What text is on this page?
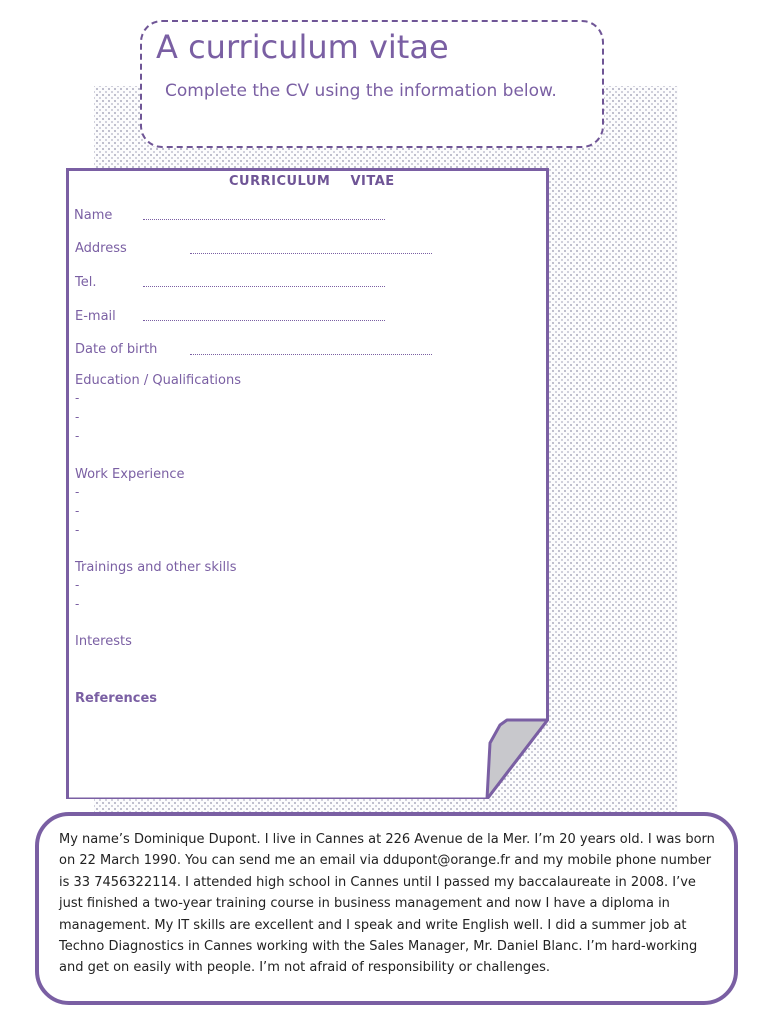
A curriculum vitae

Complete the CV using the information below.

CURRICULUM    VITAE
Name
Address
Tel.
E-mail
Date of birth
Education / Qualifications
-
-
-
Work Experience
-
-
-
Trainings and other skills
-
-
Interests
References

My name’s Dominique Dupont. I live in Cannes at 226 Avenue de la Mer. I’m 20 years old. I was born on 22 March 1990. You can send me an email via ddupont@orange.fr and my mobile phone number is 33 7456322114. I attended high school in Cannes until I passed my baccalaureate in 2008. I’ve just finished a two-year training course in business management and now I have a diploma in management. My IT skills are excellent and I speak and write English well. I did a summer job at Techno Diagnostics in Cannes working with the Sales Manager, Mr. Daniel Blanc. I’m hard-working and get on easily with people. I’m not afraid of responsibility or challenges.
